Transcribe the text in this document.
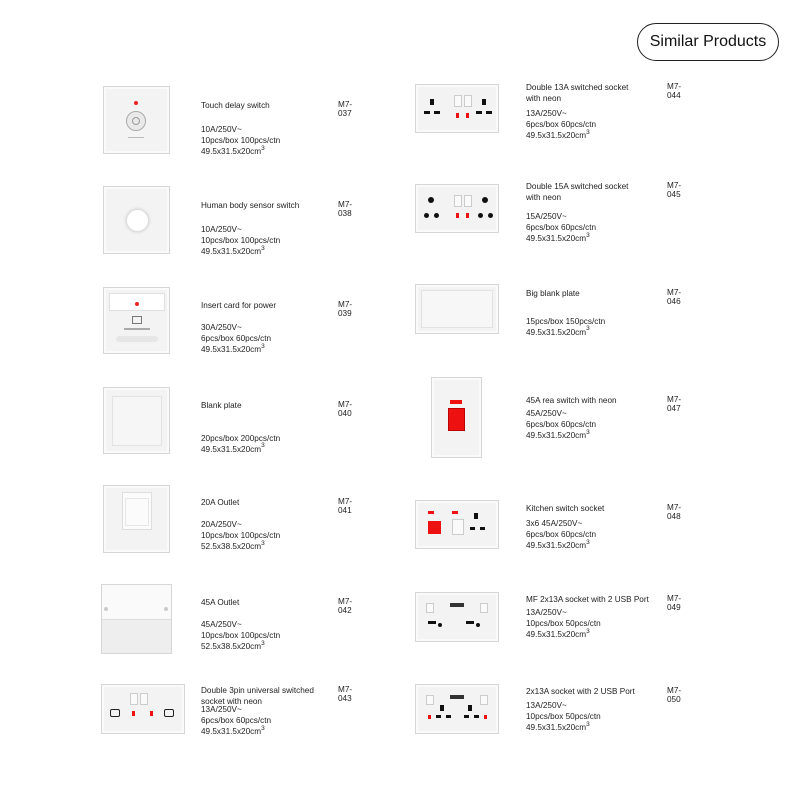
Similar Products
Touch delay switch	M7-037
10A/250V~
10pcs/box 100pcs/ctn
$49.5x31.5x20cm^3$
Human body sensor switch	M7-038
10A/250V~
10pcs/box 100pcs/ctn
$49.5x31.5x20cm^3$
Insert card for power	M7-039
30A/250V~
6pcs/box 60pcs/ctn
$49.5x31.5x20cm^3$
Blank plate	M7-040
20pcs/box 200pcs/ctn
$49.5x31.5x20cm^3$
20A Outlet	M7-041
20A/250V~
10pcs/box 100pcs/ctn
$52.5x38.5x20cm^3$
45A Outlet	M7-042
45A/250V~
10pcs/box 100pcs/ctn
$52.5x38.5x20cm^3$
Double 3pin universal switched socket with neon
M7-043
13A/250V~
6pcs/box 60pcs/ctn
$49.5x31.5x20cm^3$
Double 13A switched socket with neon
M7-044
13A/250V~
6pcs/box 60pcs/ctn
$49.5x31.5x20cm^3$
Double 15A switched socket with neon
M7-045
15A/250V~
6pcs/box 60pcs/ctn
$49.5x31.5x20cm^3$
Big blank plate	M7-046
15pcs/box 150pcs/ctn
$49.5x31.5x20cm^3$
45A rea switch with neon	M7-047
45A/250V~
6pcs/box 60pcs/ctn
$49.5x31.5x20cm^3$
Kitchen switch socket	M7-048
3x6 45A/250V~
6pcs/box 60pcs/ctn
$49.5x31.5x20cm^3$
MF 2x13A socket with 2 USB Port	M7-049
13A/250V~
10pcs/box 50pcs/ctn
$49.5x31.5x20cm^3$
2x13A socket with 2 USB Port	M7-050
13A/250V~
10pcs/box 50pcs/ctn
$49.5x31.5x20cm^3$
